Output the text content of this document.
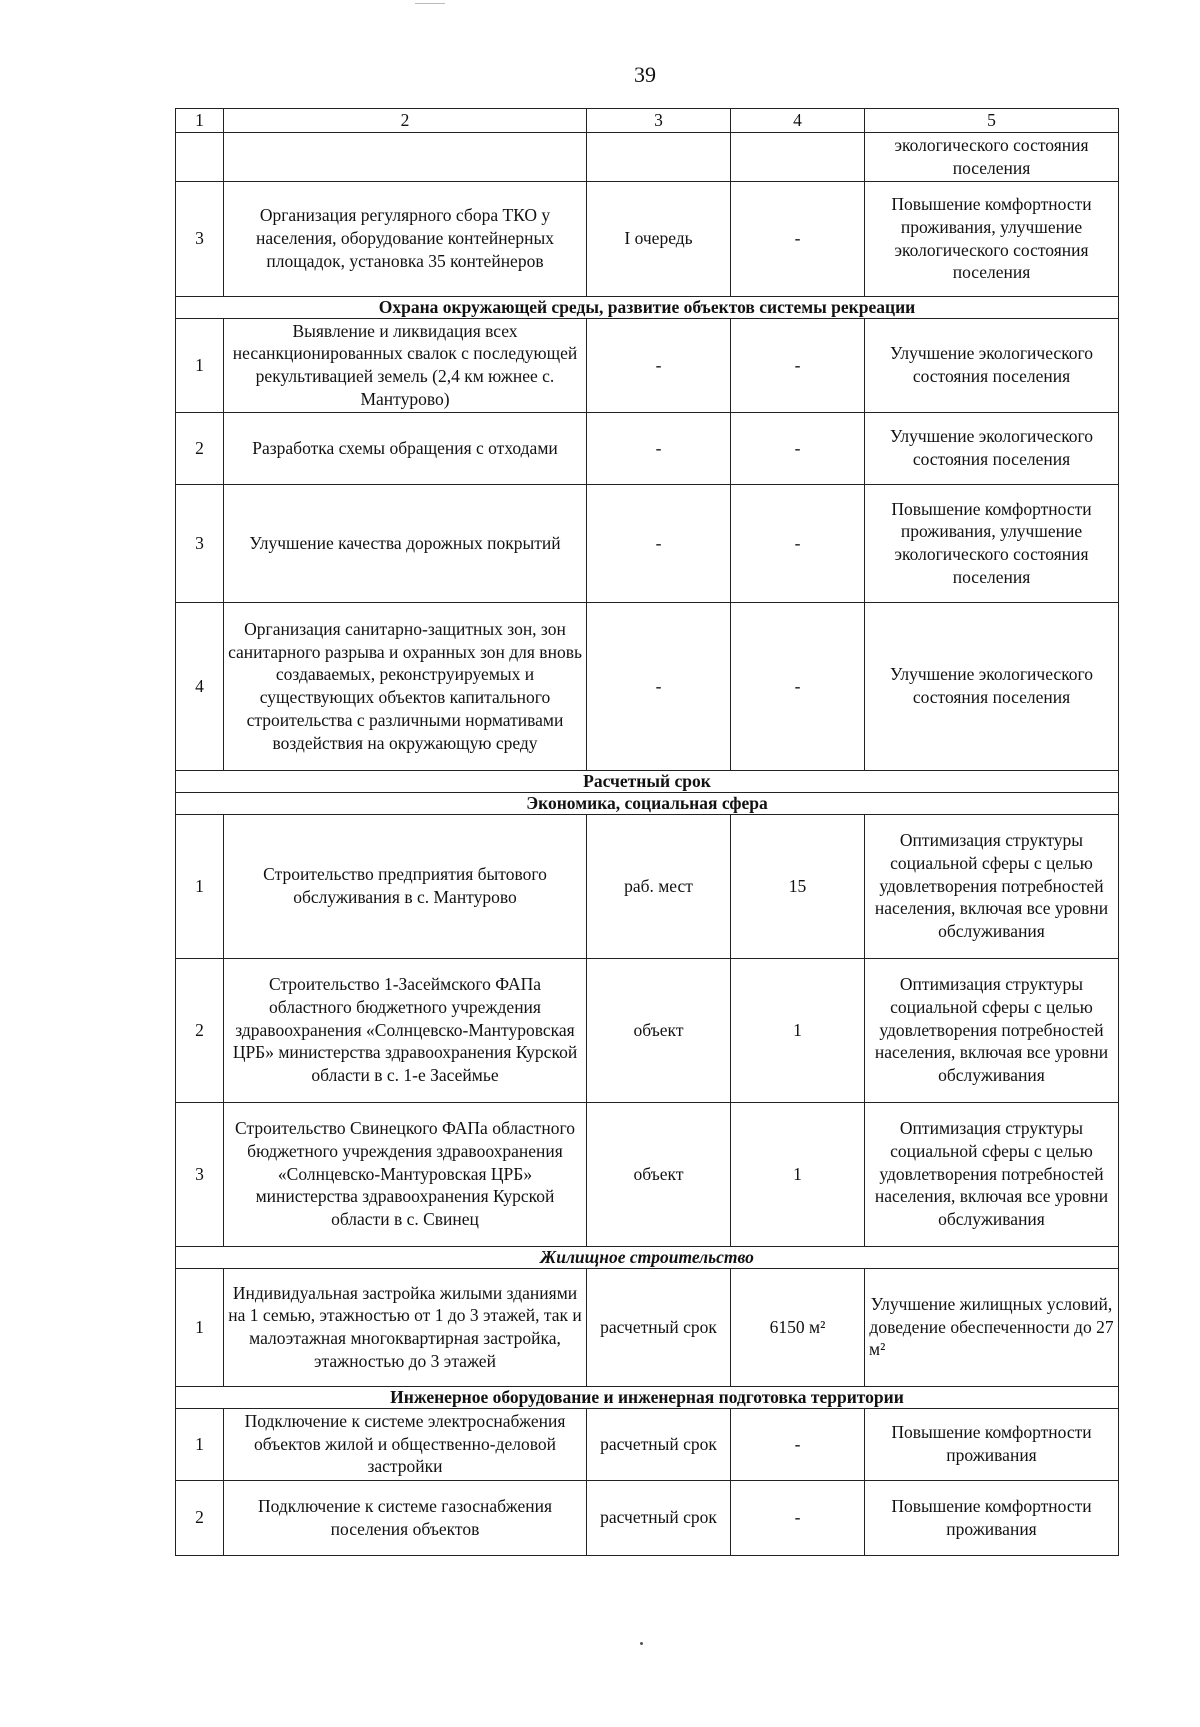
39
1	2	3	4	5
				экологического состояния поселения
3	Организация регулярного сбора ТКО у населения, оборудование контейнерных площадок, установка 35 контейнеров	I очередь	-	Повышение комфортности проживания, улучшение экологического состояния поселения
Охрана окружающей среды, развитие объектов системы рекреации				
1	Выявление и ликвидация всех несанкционированных свалок с последующей рекультивацией земель (2,4 км южнее с. Мантурово)	-	-	Улучшение экологического состояния поселения
2	Разработка схемы обращения с отходами	-	-	Улучшение экологического состояния поселения
3	Улучшение качества дорожных покрытий	-	-	Повышение комфортности проживания, улучшение экологического состояния поселения
4	Организация санитарно-защитных зон, зон санитарного разрыва и охранных зон для вновь создаваемых, реконструируемых и существующих объектов капитального строительства с различными нормативами воздействия на окружающую среду	-	-	Улучшение экологического состояния поселения
Расчетный срок				
Экономика, социальная сфера				
1	Строительство предприятия бытового обслуживания в с. Мантурово	раб. мест	15	Оптимизация структуры социальной сферы с целью удовлетворения потребностей населения, включая все уровни обслуживания
2	Строительство 1-Засеймского ФАПа областного бюджетного учреждения здравоохранения «Солнцевско-Мантуровская ЦРБ» министерства здравоохранения Курской области в с. 1-е Засеймье	объект	1	Оптимизация структуры социальной сферы с целью удовлетворения потребностей населения, включая все уровни обслуживания
3	Строительство Свинецкого ФАПа областного бюджетного учреждения здравоохранения «Солнцевско-Мантуровская ЦРБ» министерства здравоохранения Курской области в с. Свинец	объект	1	Оптимизация структуры социальной сферы с целью удовлетворения потребностей населения, включая все уровни обслуживания
Жилищное строительство				
1	Индивидуальная застройка жилыми зданиями на 1 семью, этажностью от 1 до 3 этажей, так и малоэтажная многоквартирная застройка, этажностью до 3 этажей	расчетный срок	6150 м²	Улучшение жилищных условий, доведение обеспеченности до 27 м²
Инженерное оборудование и инженерная подготовка территории				
1	Подключение к системе электроснабжения объектов жилой и общественно-деловой застройки	расчетный срок	-	Повышение комфортности проживания
2	Подключение к системе газоснабжения поселения объектов	расчетный срок	-	Повышение комфортности проживания
